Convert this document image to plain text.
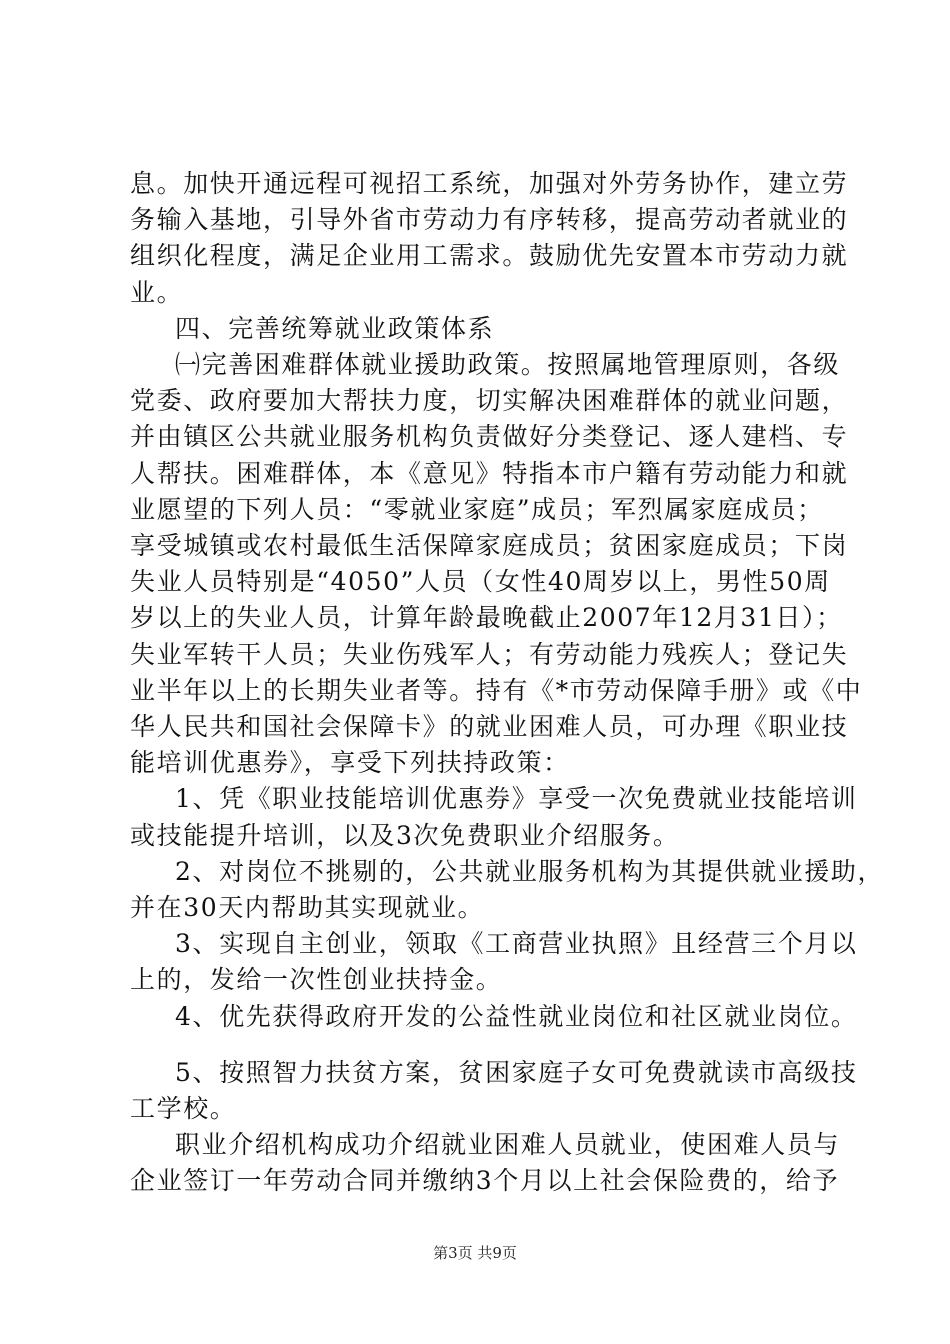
息。加快开通远程可视招工系统，加强对外劳务协作，建立劳
务输入基地，引导外省市劳动力有序转移，提高劳动者就业的
组织化程度，满足企业用工需求。鼓励优先安置本市劳动力就
业。
四、完善统筹就业政策体系
㈠完善困难群体就业援助政策。按照属地管理原则，各级
党委、政府要加大帮扶力度，切实解决困难群体的就业问题，
并由镇区公共就业服务机构负责做好分类登记、逐人建档、专
人帮扶。困难群体，本《意见》特指本市户籍有劳动能力和就
业愿望的下列人员：“零就业家庭”成员；军烈属家庭成员；
享受城镇或农村最低生活保障家庭成员；贫困家庭成员；下岗
失业人员特别是“4050”人员（女性40周岁以上，男性50周
岁以上的失业人员，计算年龄最晚截止2007年12月31日）；
失业军转干人员；失业伤残军人；有劳动能力残疾人；登记失
业半年以上的长期失业者等。持有《*市劳动保障手册》或《中
华人民共和国社会保障卡》的就业困难人员，可办理《职业技
能培训优惠券》，享受下列扶持政策：
1、凭《职业技能培训优惠券》享受一次免费就业技能培训
或技能提升培训，以及3次免费职业介绍服务。
2、对岗位不挑剔的，公共就业服务机构为其提供就业援助，
并在30天内帮助其实现就业。
3、实现自主创业，领取《工商营业执照》且经营三个月以
上的，发给一次性创业扶持金。
4、优先获得政府开发的公益性就业岗位和社区就业岗位。
5、按照智力扶贫方案，贫困家庭子女可免费就读市高级技
工学校。
职业介绍机构成功介绍就业困难人员就业，使困难人员与
企业签订一年劳动合同并缴纳3个月以上社会保险费的，给予
第3页 共9页
